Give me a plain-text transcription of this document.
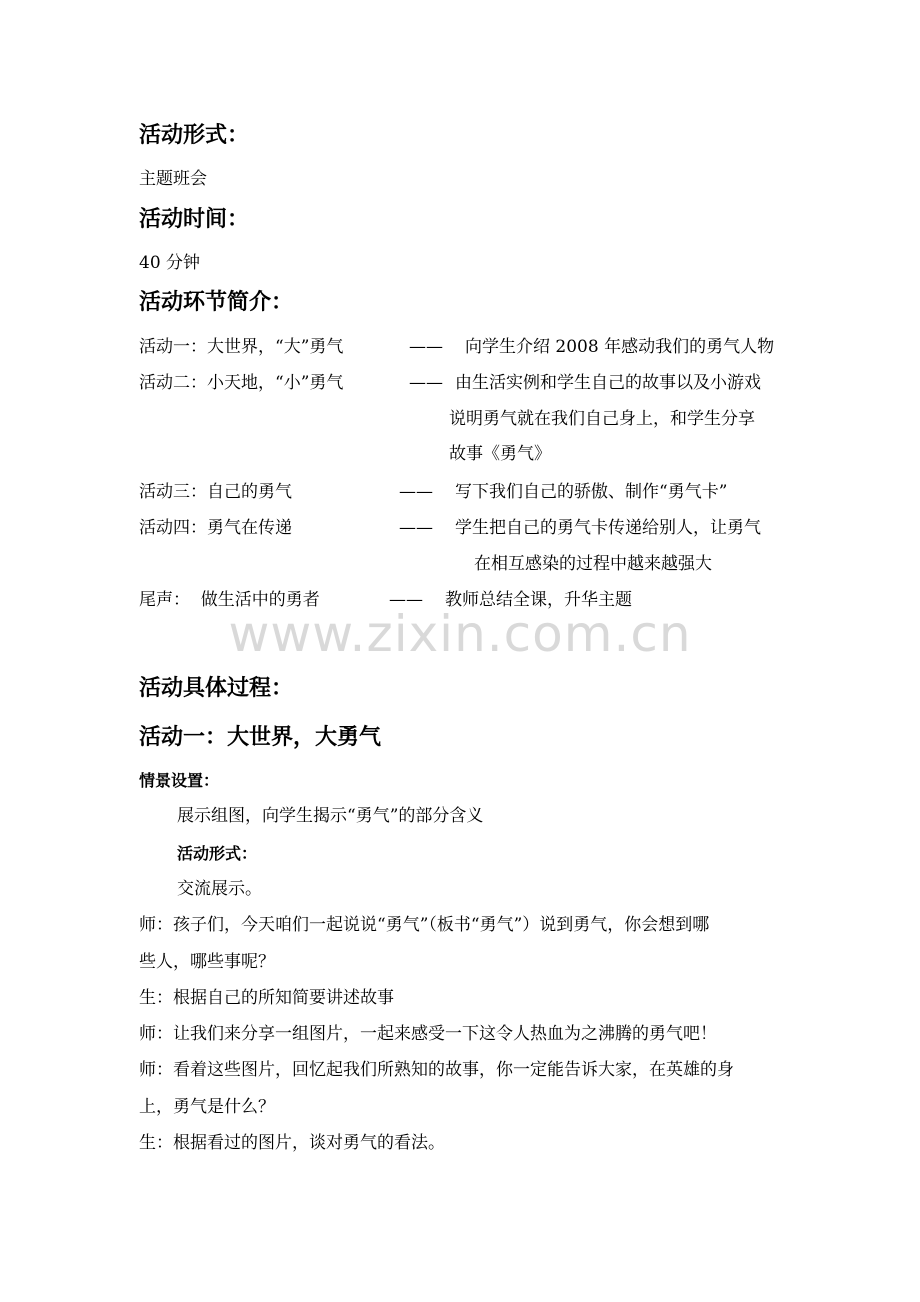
www.zixin.com.cn
活动形式：
主题班会
活动时间：
40 分钟
活动环节简介：
活动一：大世界，“大”勇气	—— 向学生介绍 2008 年感动我们的勇气人物
活动二：小天地，“小”勇气	—— 由生活实例和学生自己的故事以及小游戏
说明勇气就在我们自己身上，和学生分享
故事《勇气》
活动三：自己的勇气	—— 写下我们自己的骄傲、制作“勇气卡”
活动四：勇气在传递	—— 学生把自己的勇气卡传递给别人，让勇气
在相互感染的过程中越来越强大
尾声：  做生活中的勇者	—— 教师总结全课，升华主题
活动具体过程：
活动一：大世界，大勇气
情景设置：
展示组图，向学生揭示“勇气”的部分含义
活动形式：
交流展示。
师：孩子们，今天咱们一起说说“勇气”（板书“勇气”）说到勇气，你会想到哪
些人，哪些事呢？
生：根据自己的所知简要讲述故事
师：让我们来分享一组图片，一起来感受一下这令人热血为之沸腾的勇气吧！
师：看着这些图片，回忆起我们所熟知的故事，你一定能告诉大家，在英雄的身
上，勇气是什么？
生：根据看过的图片，谈对勇气的看法。
